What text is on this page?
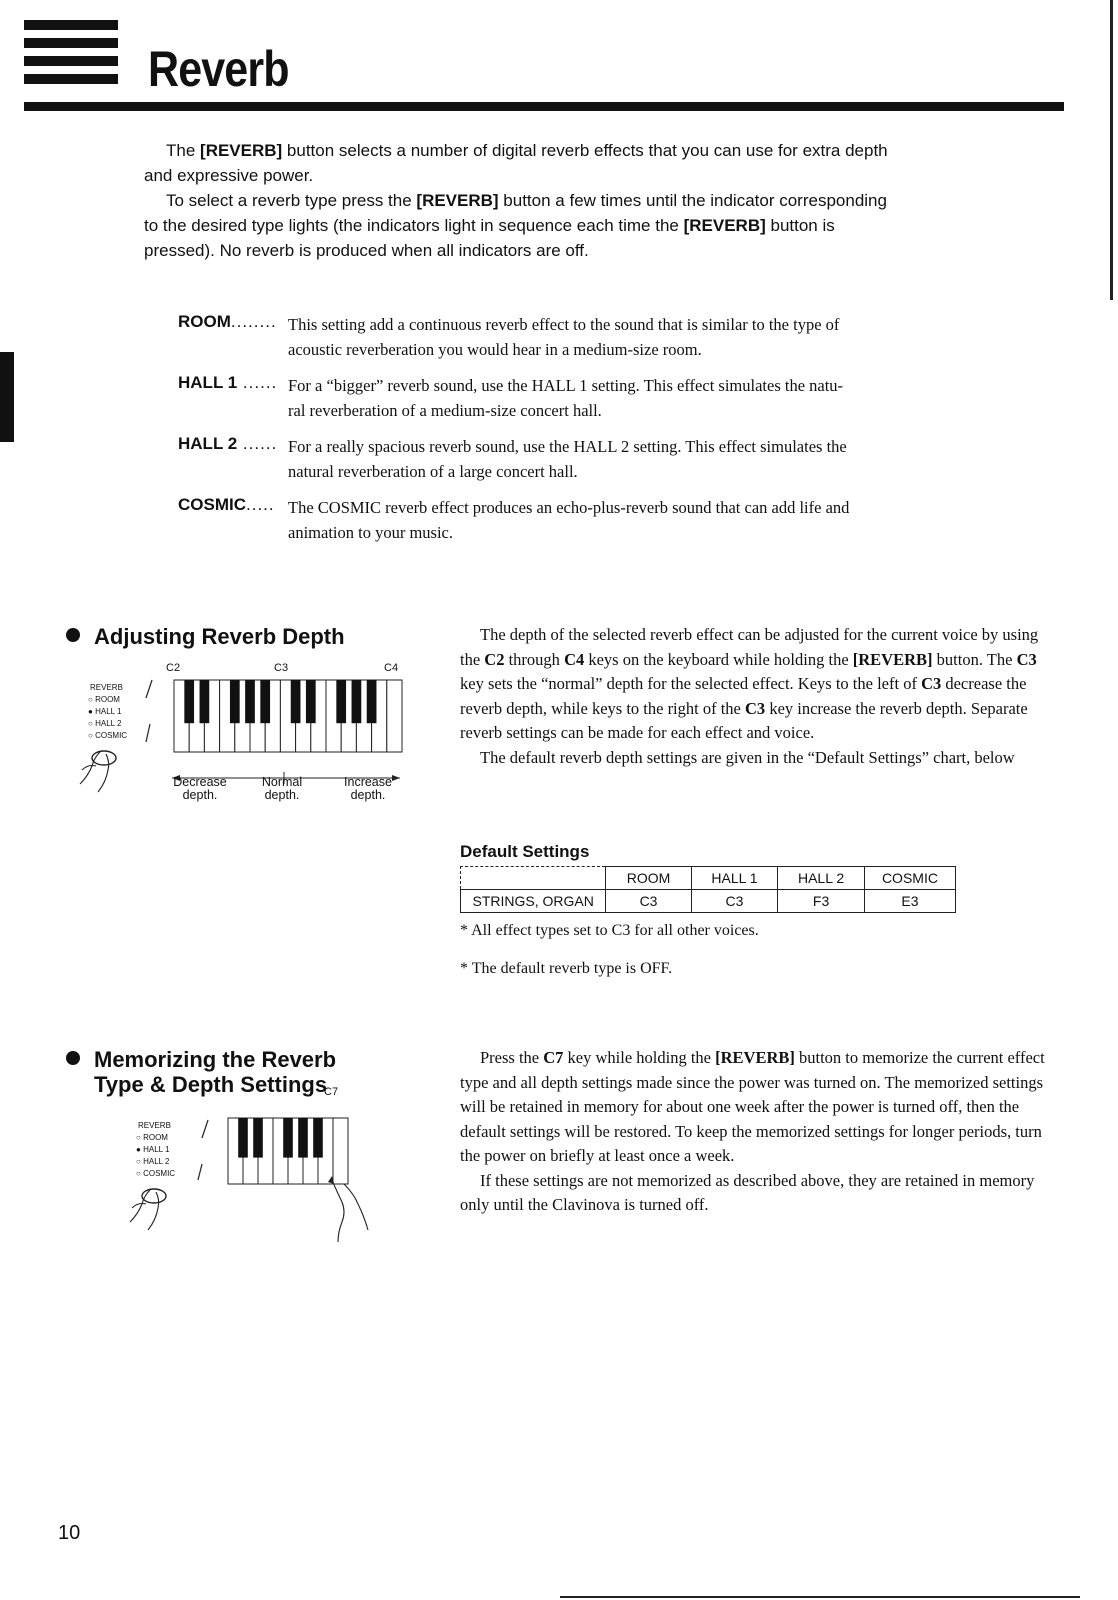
Reverb

The [REVERB] button selects a number of digital reverb effects that you can use for extra depth and expressive power.

To select a reverb type press the [REVERB] button a few times until the indicator corresponding to the desired type lights (the indicators light in sequence each time the [REVERB] button is pressed). No reverb is produced when all indicators are off.

ROOM........ This setting add a continuous reverb effect to the sound that is similar to the type of
acoustic reverberation you would hear in a medium-size room.
HALL 1 ...... For a “bigger” reverb sound, use the HALL 1 setting. This effect simulates the natu-
ral reverberation of a medium-size concert hall.
HALL 2 ...... For a really spacious reverb sound, use the HALL 2 setting. This effect simulates the
natural reverberation of a large concert hall.
COSMIC..... The COSMIC reverb effect produces an echo-plus-reverb sound that can add life and
animation to your music.
Adjusting Reverb Depth
REVERB
○ ROOM
● HALL 1
○ HALL 2
○ COSMIC
C2	C3	C4
Decrease
depth.
Normal
depth.
Increase
depth.

The depth of the selected reverb effect can be adjusted for the current voice by using the C2 through C4 keys on the keyboard while holding the [REVERB] button. The C3 key sets the “normal” depth for the selected effect. Keys to the left of C3 decrease the reverb depth, while keys to the right of the C3 key increase the reverb depth. Separate reverb settings can be made for each effect and voice.

The default reverb depth settings are given in the “Default Settings” chart, below

Default Settings
	ROOM	HALL 1	HALL 2	COSMIC
STRINGS, ORGAN	C3	C3	F3	E3
* All effect types set to C3 for all other voices.
* The default reverb type is OFF.
Memorizing the Reverb
Type & Depth Settings
REVERB
○ ROOM
● HALL 1
○ HALL 2
○ COSMIC
C7

Press the C7 key while holding the [REVERB] button to memorize the current effect type and all depth settings made since the power was turned on. The memorized settings will be retained in memory for about one week after the power is turned off, then the default settings will be restored. To keep the memorized settings for longer periods, turn the power on briefly at least once a week.

If these settings are not memorized as described above, they are retained in memory only until the Clavinova is turned off.

10
